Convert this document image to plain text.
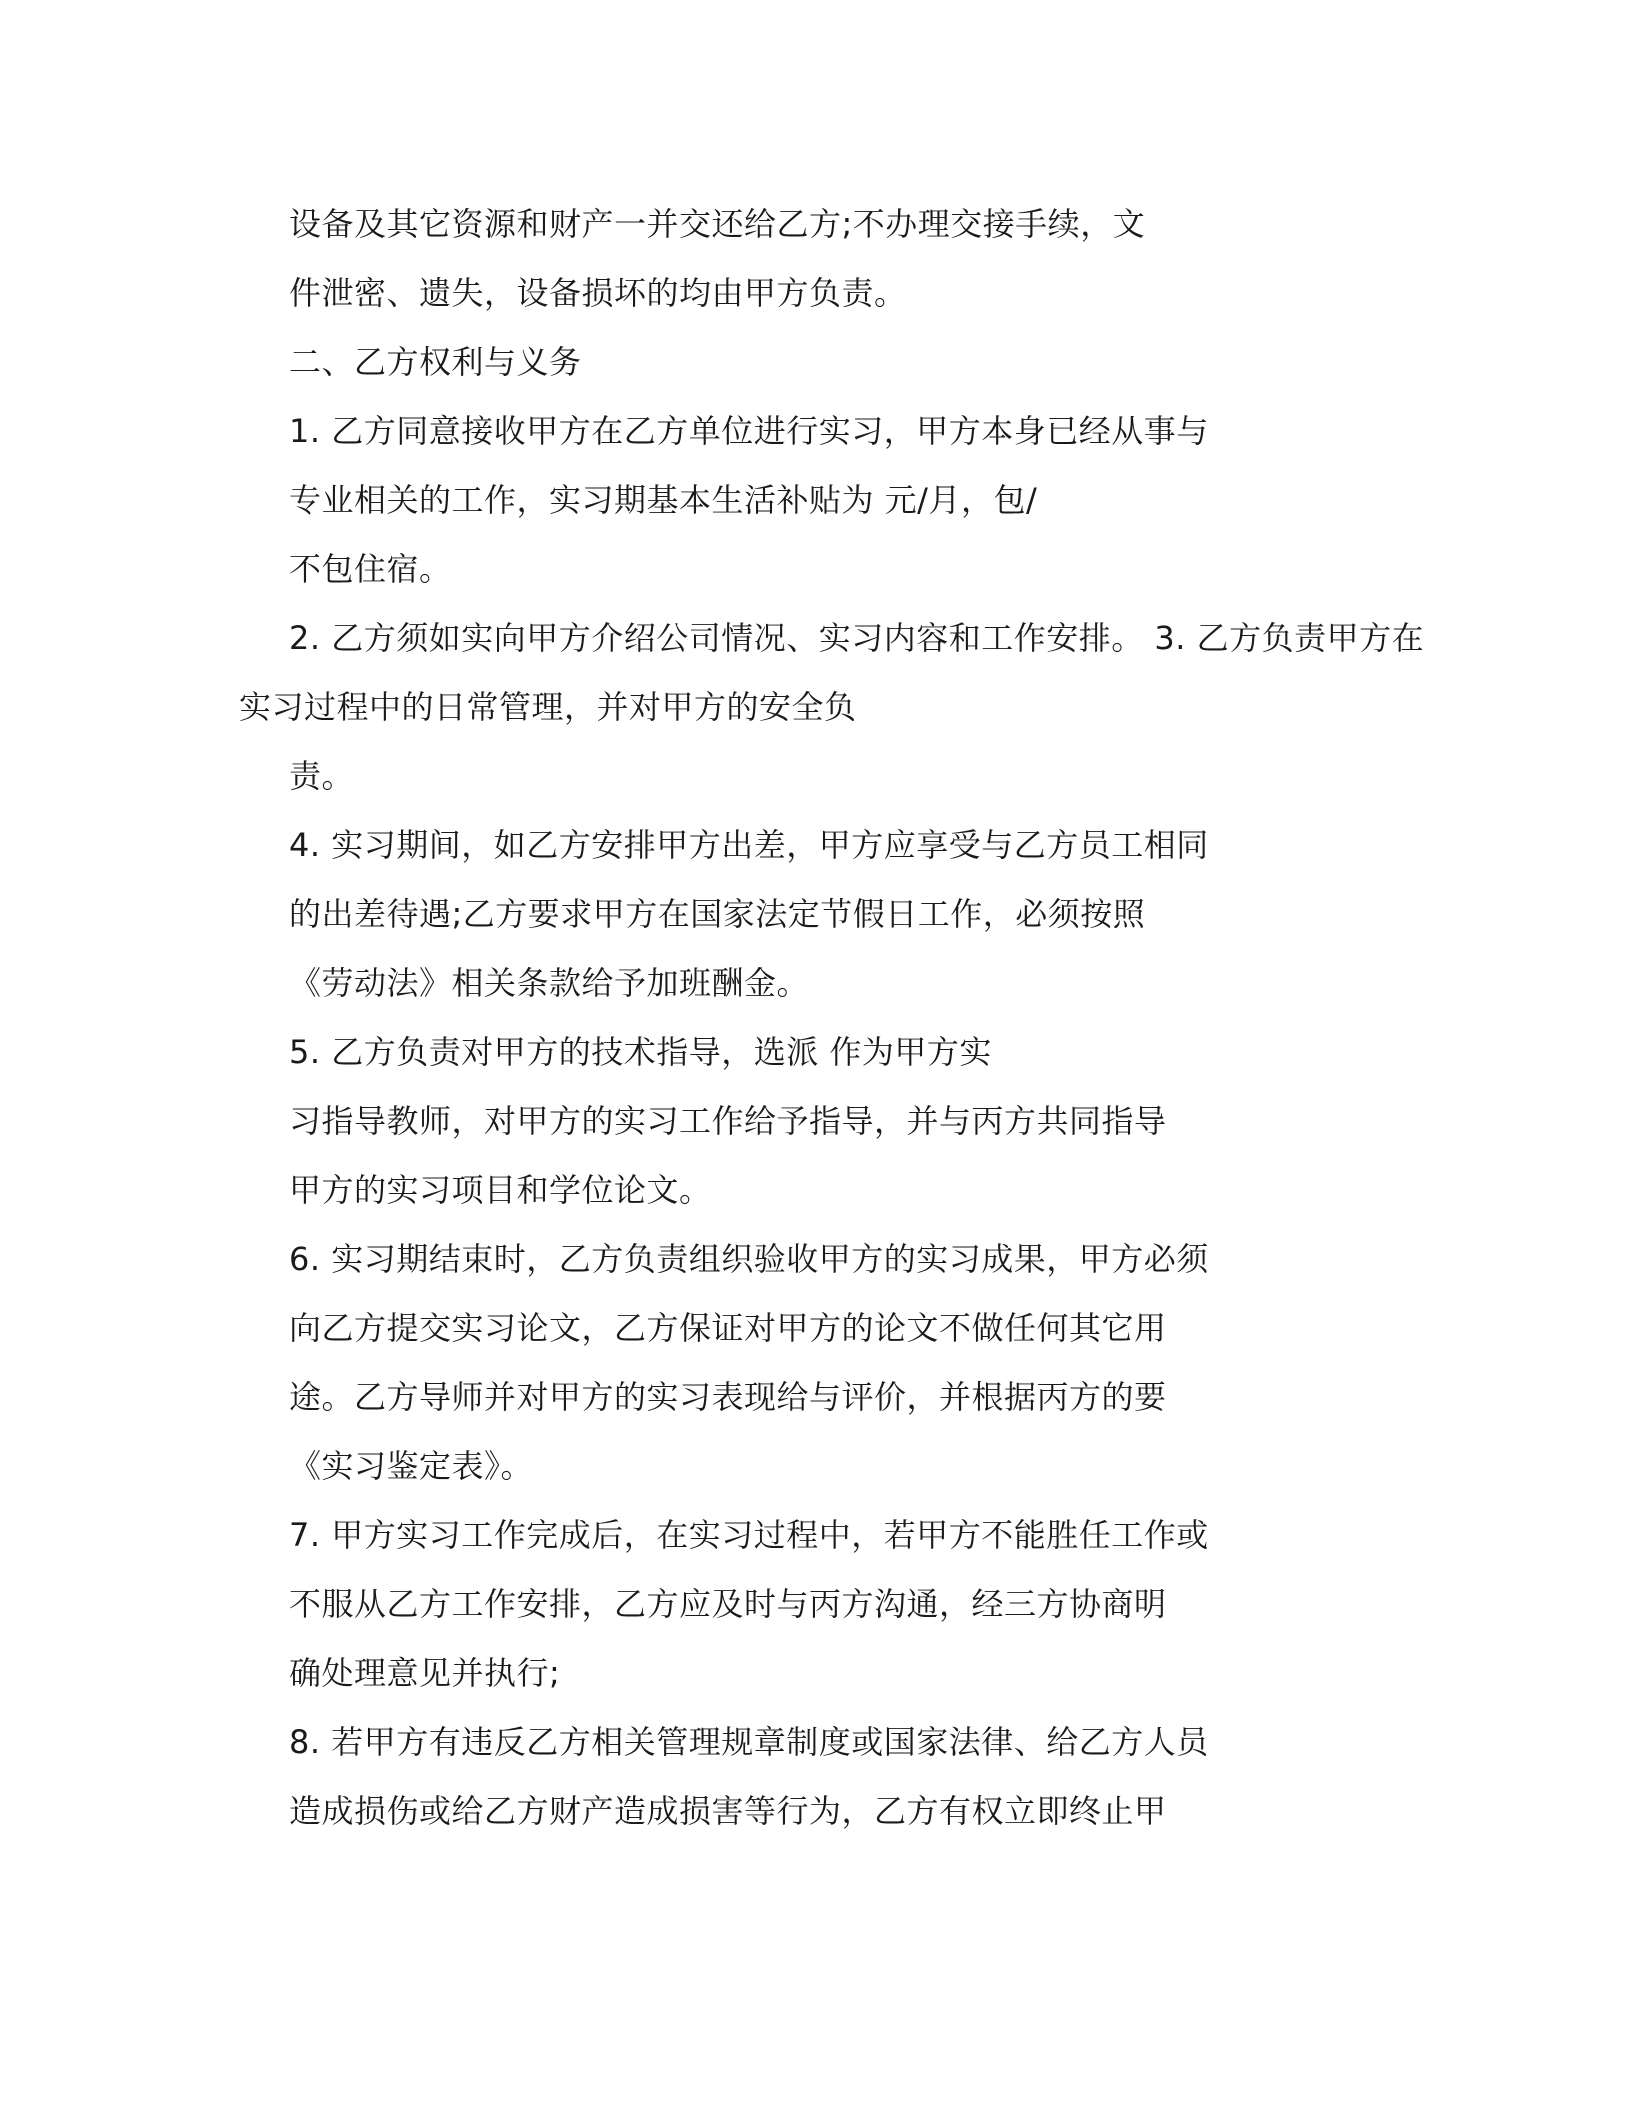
设备及其它资源和财产一并交还给乙方;不办理交接手续，文
件泄密、遗失，设备损坏的均由甲方负责。
二、乙方权利与义务
1. 乙方同意接收甲方在乙方单位进行实习，甲方本身已经从事与
专业相关的工作，实习期基本生活补贴为 元/月，包/
不包住宿。
2. 乙方须如实向甲方介绍公司情况、实习内容和工作安排。 3. 乙方负责甲方在
实习过程中的日常管理，并对甲方的安全负
责。
4. 实习期间，如乙方安排甲方出差，甲方应享受与乙方员工相同
的出差待遇;乙方要求甲方在国家法定节假日工作，必须按照
《劳动法》相关条款给予加班酬金。
5. 乙方负责对甲方的技术指导，选派 作为甲方实
习指导教师，对甲方的实习工作给予指导，并与丙方共同指导
甲方的实习项目和学位论文。
6. 实习期结束时，乙方负责组织验收甲方的实习成果，甲方必须
向乙方提交实习论文，乙方保证对甲方的论文不做任何其它用
途。乙方导师并对甲方的实习表现给与评价，并根据丙方的要
《实习鉴定表》。
7. 甲方实习工作完成后，在实习过程中，若甲方不能胜任工作或
不服从乙方工作安排，乙方应及时与丙方沟通，经三方协商明
确处理意见并执行;
8. 若甲方有违反乙方相关管理规章制度或国家法律、给乙方人员
造成损伤或给乙方财产造成损害等行为，乙方有权立即终止甲
